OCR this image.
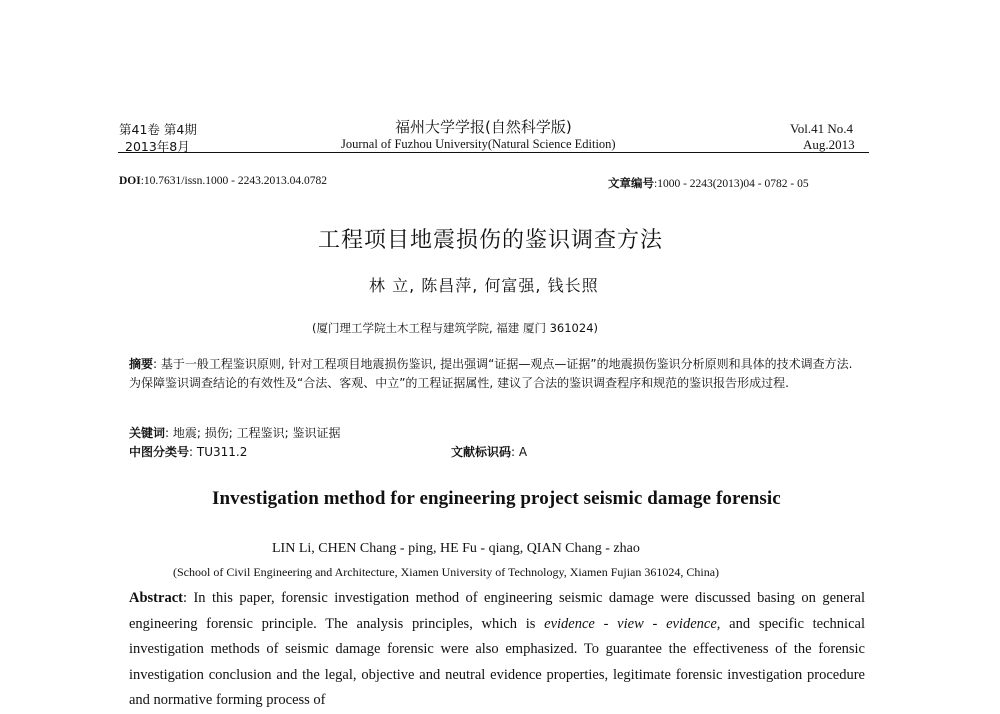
第41卷 第4期
2013年8月
福州大学学报(自然科学版)
Journal of Fuzhou University(Natural Science Edition)
Vol.41 No.4
Aug.2013
DOI:10.7631/issn.1000 - 2243.2013.04.0782	文章编号:1000 - 2243(2013)04 - 0782 - 05
工程项目地震损伤的鉴识调查方法
林 立, 陈昌萍, 何富强, 钱长照
(厦门理工学院土木工程与建筑学院, 福建 厦门 361024)

摘要: 基于一般工程鉴识原则, 针对工程项目地震损伤鉴识, 提出强调“证据—观点—证据”的地震损伤鉴识分析原则和具体的技术调查方法. 为保障鉴识调查结论的有效性及“合法、客观、中立”的工程证据属性, 建议了合法的鉴识调查程序和规范的鉴识报告形成过程.

关键词: 地震; 损伤; 工程鉴识; 鉴识证据
中图分类号: TU311.2	文献标识码: A
Investigation method for engineering project seismic damage forensic
LIN Li, CHEN Chang - ping, HE Fu - qiang, QIAN Chang - zhao
(School of Civil Engineering and Architecture, Xiamen University of Technology, Xiamen Fujian 361024, China)
Abstract: In this paper, forensic investigation method of engineering seismic damage were discussed basing on general engineering forensic principle. The analysis principles, which is evidence - view - evidence, and specific technical investigation methods of seismic damage forensic were also emphasized. To guarantee the effectiveness of the forensic investigation conclusion and the legal, objective and neutral evidence properties, legitimate forensic investigation procedure and normative forming process of
